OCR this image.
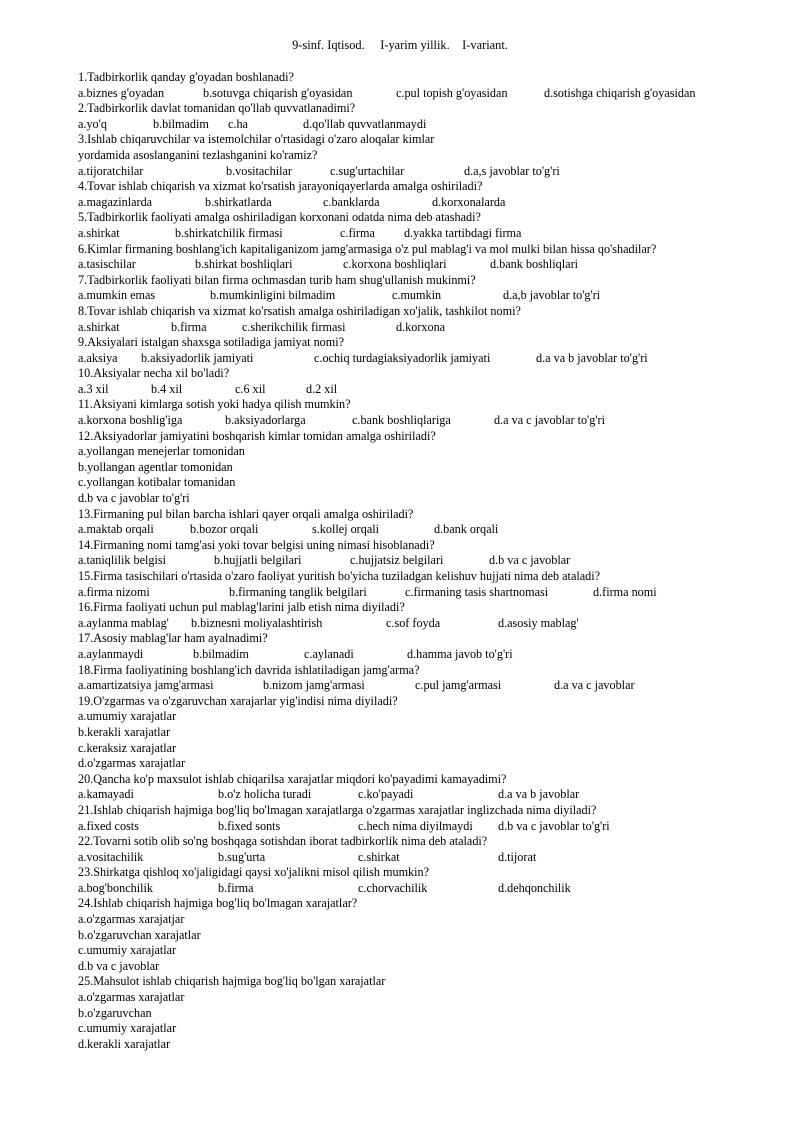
9-sinf. Iqtisod.     I-yarim yillik.    I-variant.
1.Tadbirkorlik qanday g'oyadan boshlanadi?
a.biznes g'oyadan	b.sotuvga chiqarish g'oyasidan	c.pul topish g'oyasidan	d.sotishga chiqarish g'oyasidan
2.Tadbirkorlik davlat tomanidan qo'llab quvvatlanadimi?
a.yo'q	b.bilmadim c.ha	d.qo'llab quvvatlanmaydi
3.Ishlab chiqaruvchilar va istemolchilar o'rtasidagi o'zaro aloqalar kimlar
yordamida asoslanganini tezlashganini ko'ramiz?
a.tijoratchilar	b.vositachilar	c.sug'urtachilar	d.a,s javoblar to'g'ri
4.Tovar ishlab chiqarish va xizmat ko'rsatish jarayoniqayerlarda amalga oshiriladi?
a.magazinlarda	b.shirkatlarda	c.banklarda	d.korxonalarda
5.Tadbirkorlik faoliyati amalga oshiriladigan korxonani odatda nima deb atashadi?
a.shirkat	b.shirkatchilik firmasi	c.firma d.yakka tartibdagi firma
6.Kimlar firmaning boshlang'ich kapitaliganizom jamg'armasiga o'z pul mablag'i va mol mulki bilan hissa qo'shadilar?
a.tasischilar	b.shirkat boshliqlari	c.korxona boshliqlari	d.bank boshliqlari
7.Tadbirkorlik faoliyati bilan firma ochmasdan turib ham shug'ullanish mukinmi?
a.mumkin emas	b.mumkinligini bilmadim	c.mumkin	d.a,b javoblar to'g'ri
8.Tovar ishlab chiqarish va xizmat ko'rsatish amalga oshiriladigan xo'jalik, tashkilot nomi?
a.shirkat	b.firma	c.sherikchilik firmasi	d.korxona
9.Aksiyalari istalgan shaxsga sotiladiga jamiyat nomi?
a.aksiya b.aksiyadorlik jamiyati	c.ochiq turdagiaksiyadorlik jamiyati	d.a va b javoblar to'g'ri
10.Aksiyalar necha xil bo'ladi?
a.3 xil	b.4 xil	c.6 xil	d.2 xil
11.Aksiyani kimlarga sotish yoki hadya qilish mumkin?
a.korxona boshlig'iga	b.aksiyadorlarga	c.bank boshliqlariga	d.a va c javoblar to'g'ri
12.Aksiyadorlar jamiyatini boshqarish kimlar tomidan amalga oshiriladi?
a.yollangan menejerlar tomonidan
b.yollangan agentlar tomonidan
c.yollangan kotibalar tomanidan
d.b va c javoblar to'g'ri
13.Firmaning pul bilan barcha ishlari qayer orqali amalga oshiriladi?
a.maktab orqali	b.bozor orqali	s.kollej orqali	d.bank orqali
14.Firmaning nomi tamg'asi yoki tovar belgisi uning nimasi hisoblanadi?
a.taniqlilik belgisi	b.hujjatli belgilari	c.hujjatsiz belgilari	d.b va c javoblar
15.Firma tasischilari o'rtasida o'zaro faoliyat yuritish bo'yicha tuziladgan kelishuv hujjati nima deb ataladi?
a.firma nizomi	b.firmaning tanglik belgilari	c.firmaning tasis shartnomasi	d.firma nomi
16.Firma faoliyati uchun pul mablag'larini jalb etish nima diyiladi?
a.aylanma mablag' b.biznesni moliyalashtirish	c.sof foyda	d.asosiy mablag'
17.Asosiy mablag'lar ham ayalnadimi?
a.aylanmaydi	b.bilmadim	c.aylanadi	d.hamma javob to'g'ri
18.Firma faoliyatining boshlang'ich davrida ishlatiladigan jamg'arma?
a.amartizatsiya jamg'armasi	b.nizom jamg'armasi	c.pul jamg'armasi	d.a va c javoblar
19.O'zgarmas va o'zgaruvchan xarajarlar yig'indisi nima diyiladi?
a.umumiy xarajatlar
b.kerakli xarajatlar
c.keraksiz xarajatlar
d.o'zgarmas xarajatlar
20.Qancha ko'p maxsulot ishlab chiqarilsa xarajatlar miqdori ko'payadimi kamayadimi?
a.kamayadi	b.o'z holicha turadi	c.ko'payadi	d.a va b javoblar
21.Ishlab chiqarish hajmiga bog'liq bo'lmagan xarajatlarga o'zgarmas xarajatlar inglizchada nima diyiladi?
a.fixed costs	b.fixed sonts	c.hech nima diyilmaydi d.b va c javoblar to'g'ri
22.Tovarni sotib olib so'ng boshqaga sotishdan iborat tadbirkorlik nima deb ataladi?
a.vositachilik	b.sug'urta	c.shirkat	d.tijorat
23.Shirkatga qishloq xo'jaligidagi qaysi xo'jalikni misol qilish mumkin?
a.bog'bonchilik	b.firma	c.chorvachilik	d.dehqonchilik
24.Ishlab chiqarish hajmiga bog'liq bo'lmagan xarajatlar?
a.o'zgarmas xarajatjar
b.o'zgaruvchan xarajatlar
c.umumiy xarajatlar
d.b va c javoblar
25.Mahsulot ishlab chiqarish hajmiga bog'liq bo'lgan xarajatlar
a.o'zgarmas xarajatlar
b.o'zgaruvchan
c.umumiy xarajatlar
d.kerakli xarajatlar
